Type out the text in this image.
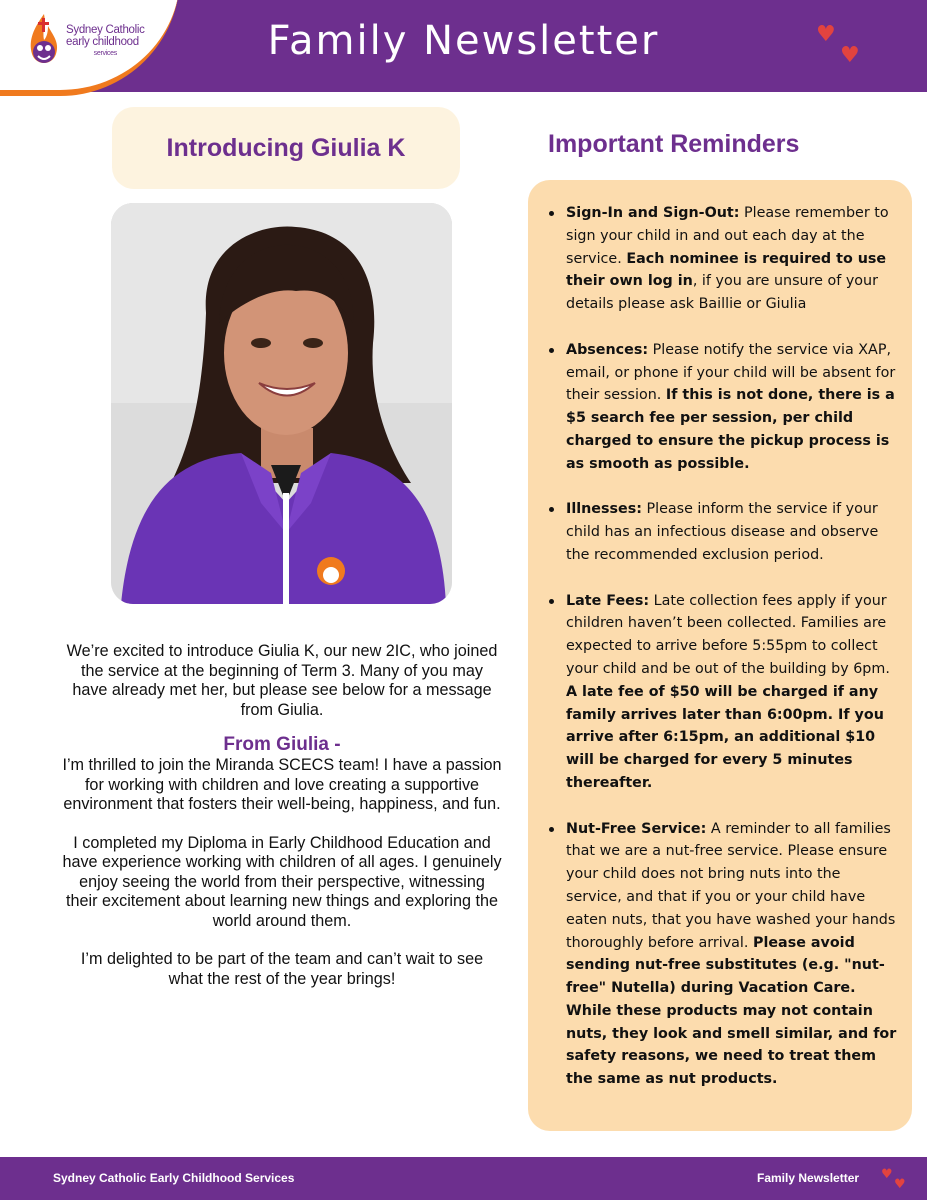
Sydney Catholic
early childhood
services	Family Newsletter	♥
♥
Introducing Giulia K

We’re excited to introduce Giulia K, our new 2IC, who joined the service at the beginning of Term 3. Many of you may have already met her, but please see below for a message from Giulia.

From Giulia -

I’m thrilled to join the Miranda SCECS team! I have a passion for working with children and love creating a supportive environment that fosters their well-being, happiness, and fun.

I completed my Diploma in Early Childhood Education and have experience working with children of all ages. I genuinely enjoy seeing the world from their perspective, witnessing their excitement about learning new things and exploring the world around them.

I’m delighted to be part of the team and can’t wait to see what the rest of the year brings!

Important Reminders
Sign-In and Sign-Out: Please remember to sign your child in and out each day at the service. Each nominee is required to use their own log in, if you are unsure of your details please ask Baillie or Giulia
Absences: Please notify the service via XAP, email, or phone if your child will be absent for their session. If this is not done, there is a $5 search fee per session, per child charged to ensure the pickup process is as smooth as possible.
Illnesses: Please inform the service if your child has an infectious disease and observe the recommended exclusion period.
Late Fees: Late collection fees apply if your children haven’t been collected. Families are expected to arrive before 5:55pm to collect your child and be out of the building by 6pm. A late fee of $50 will be charged if any family arrives later than 6:00pm. If you arrive after 6:15pm, an additional $10 will be charged for every 5 minutes thereafter.
Nut-Free Service: A reminder to all families that we are a nut-free service. Please ensure your child does not bring nuts into the service, and that if you or your child have eaten nuts, that you have washed your hands thoroughly before arrival. Please avoid sending nut-free substitutes (e.g. "nut-free" Nutella) during Vacation Care. While these products may not contain nuts, they look and smell similar, and for safety reasons, we need to treat them the same as nut products.
Sydney Catholic Early Childhood Services	Family Newsletter ♥
♥
